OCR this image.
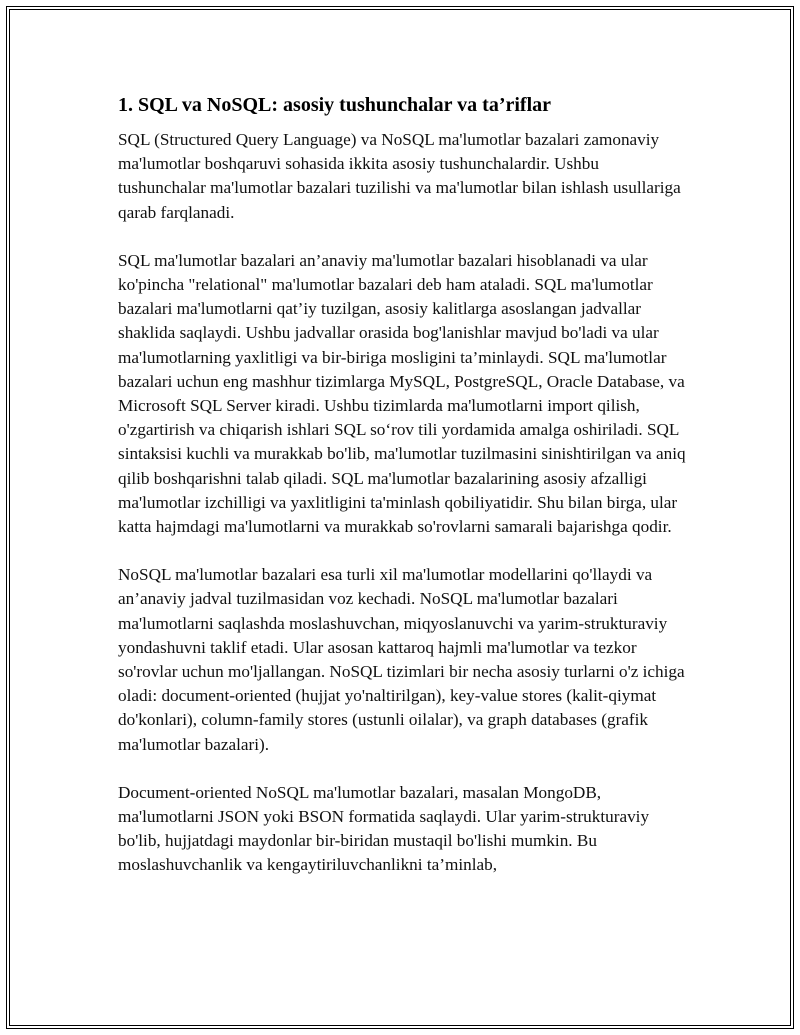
1. SQL va NoSQL: asosiy tushunchalar va ta’riflar

SQL (Structured Query Language) va NoSQL ma'lumotlar bazalari zamonaviy ma'lumotlar boshqaruvi sohasida ikkita asosiy tushunchalardir. Ushbu tushunchalar ma'lumotlar bazalari tuzilishi va ma'lumotlar bilan ishlash usullariga qarab farqlanadi.

SQL ma'lumotlar bazalari an’anaviy ma'lumotlar bazalari hisoblanadi va ular ko'pincha "relational" ma'lumotlar bazalari deb ham ataladi. SQL ma'lumotlar bazalari ma'lumotlarni qat’iy tuzilgan, asosiy kalitlarga asoslangan jadvallar shaklida saqlaydi. Ushbu jadvallar orasida bog'lanishlar mavjud bo'ladi va ular ma'lumotlarning yaxlitligi va bir-biriga mosligini ta’minlaydi. SQL ma'lumotlar bazalari uchun eng mashhur tizimlarga MySQL, PostgreSQL, Oracle Database, va Microsoft SQL Server kiradi. Ushbu tizimlarda ma'lumotlarni import qilish, o'zgartirish va chiqarish ishlari SQL so‘rov tili yordamida amalga oshiriladi. SQL sintaksisi kuchli va murakkab bo'lib, ma'lumotlar tuzilmasini sinishtirilgan va aniq qilib boshqarishni talab qiladi. SQL ma'lumotlar bazalarining asosiy afzalligi ma'lumotlar izchilligi va yaxlitligini ta'minlash qobiliyatidir. Shu bilan birga, ular katta hajmdagi ma'lumotlarni va murakkab so'rovlarni samarali bajarishga qodir.

NoSQL ma'lumotlar bazalari esa turli xil ma'lumotlar modellarini qo'llaydi va an’anaviy jadval tuzilmasidan voz kechadi. NoSQL ma'lumotlar bazalari ma'lumotlarni saqlashda moslashuvchan, miqyoslanuvchi va yarim-strukturaviy yondashuvni taklif etadi. Ular asosan kattaroq hajmli ma'lumotlar va tezkor so'rovlar uchun mo'ljallangan. NoSQL tizimlari bir necha asosiy turlarni o'z ichiga oladi: document-oriented (hujjat yo'naltirilgan), key-value stores (kalit-qiymat do'konlari), column-family stores (ustunli oilalar), va graph databases (grafik ma'lumotlar bazalari).

Document-oriented NoSQL ma'lumotlar bazalari, masalan MongoDB, ma'lumotlarni JSON yoki BSON formatida saqlaydi. Ular yarim-strukturaviy bo'lib, hujjatdagi maydonlar bir-biridan mustaqil bo'lishi mumkin. Bu moslashuvchanlik va kengaytiriluvchanlikni ta’minlab,
